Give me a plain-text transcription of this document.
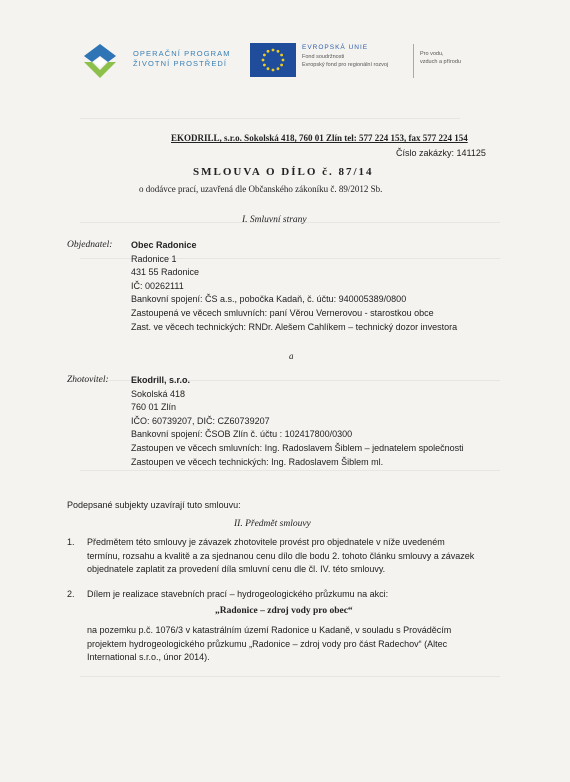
OPERAČNÍ PROGRAM
ŽIVOTNÍ PROSTŘEDÍ
EVROPSKÁ UNIE
Fond soudržnosti
Evropský fond pro regionální rozvoj
Pro vodu,
vzduch a přírodu
EKODRILL, s.r.o. Sokolská 418, 760 01 Zlín tel: 577 224 153, fax 577 224 154
Číslo zakázky: 141125
SMLOUVA O DÍLO č. 87/14
o dodávce prací, uzavřená dle Občanského zákoníku č. 89/2012 Sb.
I. Smluvní strany
Objednatel: Obec Radonice
Radonice 1
431 55 Radonice
IČ: 00262111
Bankovní spojení: ČS a.s., pobočka Kadaň, č. účtu: 940005389/0800
Zastoupená ve věcech smluvních: paní Věrou Vernerovou - starostkou obce
Zast. ve věcech technických: RNDr. Alešem Cahlíkem – technický dozor investora
a
Zhotovitel: Ekodrill, s.r.o.
Sokolská 418
760 01 Zlín
IČO: 60739207, DIČ: CZ60739207
Bankovní spojení: ČSOB Zlín č. účtu : 102417800/0300
Zastoupen ve věcech smluvních: Ing. Radoslavem Šiblem – jednatelem společnosti
Zastoupen ve věcech technických: Ing. Radoslavem Šiblem ml.
Podepsané subjekty uzavírají tuto smlouvu:
II. Předmět smlouvy
1. Předmětem této smlouvy je závazek zhotovitele provést pro objednatele v níže uvedeném
termínu, rozsahu a kvalitě a za sjednanou cenu dílo dle bodu 2. tohoto článku smlouvy a závazek
objednatele zaplatit za provedení díla smluvní cenu dle čl. IV. této smlouvy.
2. Dílem je realizace stavebních prací – hydrogeologického průzkumu na akci:
„Radonice – zdroj vody pro obec“
na pozemku p.č. 1076/3 v katastrálním území Radonice u Kadaně, v souladu s Prováděcím
projektem hydrogeologického průzkumu „Radonice – zdroj vody pro část Radechov“ (Altec
International s.r.o., únor 2014).
